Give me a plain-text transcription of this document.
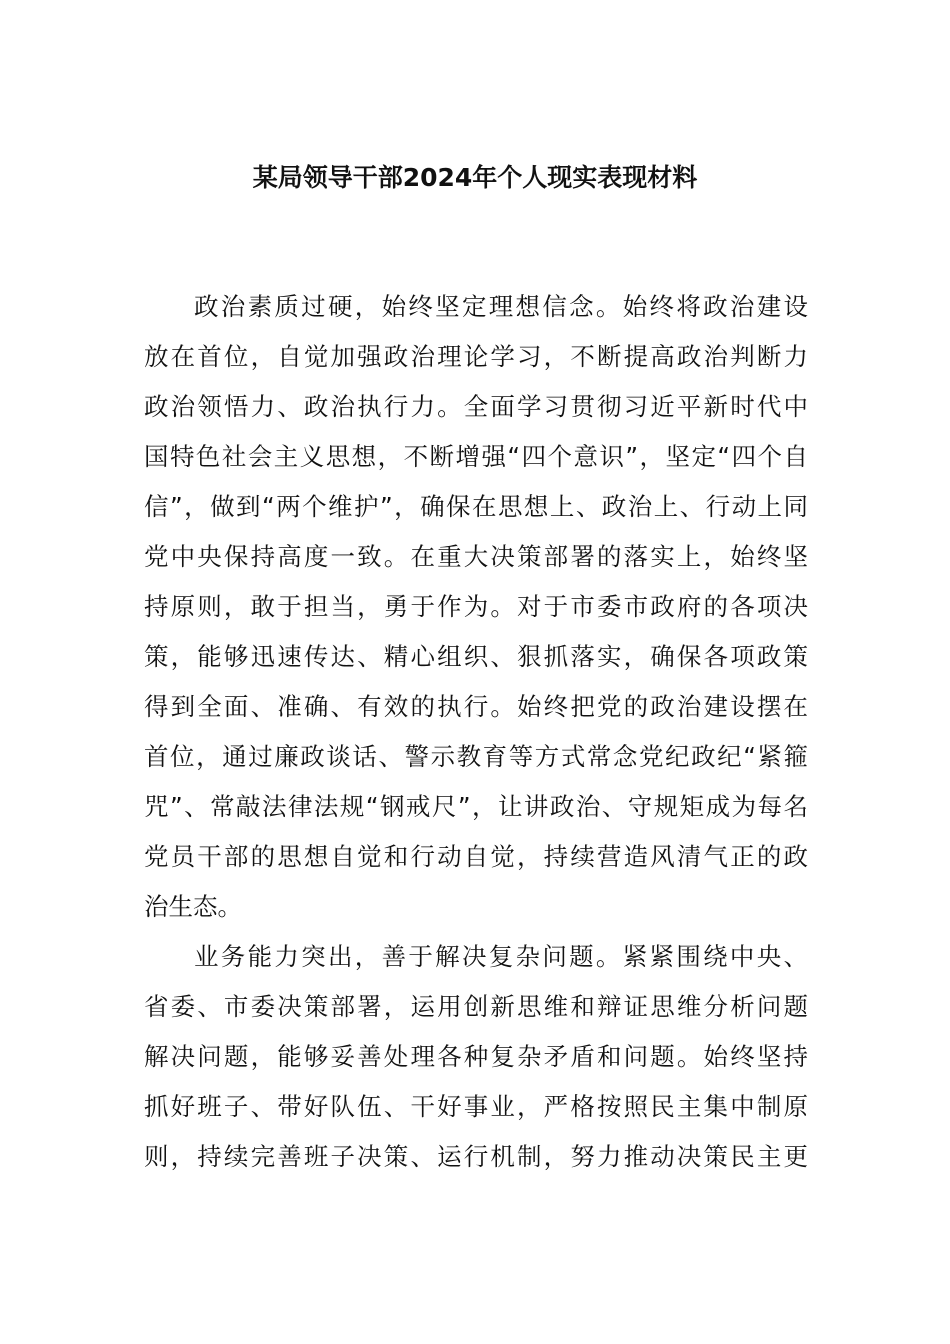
某局领导干部2024年个人现实表现材料
政治素质过硬，始终坚定理想信念。始终将政治建设
放在首位，自觉加强政治理论学习，不断提高政治判断力
政治领悟力、政治执行力。全面学习贯彻习近平新时代中
国特色社会主义思想，不断增强“四个意识”，坚定“四个自
信”，做到“两个维护”，确保在思想上、政治上、行动上同
党中央保持高度一致。在重大决策部署的落实上，始终坚
持原则，敢于担当，勇于作为。对于市委市政府的各项决
策，能够迅速传达、精心组织、狠抓落实，确保各项政策
得到全面、准确、有效的执行。始终把党的政治建设摆在
首位，通过廉政谈话、警示教育等方式常念党纪政纪“紧箍
咒”、常敲法律法规“钢戒尺”，让讲政治、守规矩成为每名
党员干部的思想自觉和行动自觉，持续营造风清气正的政
治生态。
业务能力突出，善于解决复杂问题。紧紧围绕中央、
省委、市委决策部署，运用创新思维和辩证思维分析问题
解决问题，能够妥善处理各种复杂矛盾和问题。始终坚持
抓好班子、带好队伍、干好事业，严格按照民主集中制原
则，持续完善班子决策、运行机制，努力推动决策民主更
